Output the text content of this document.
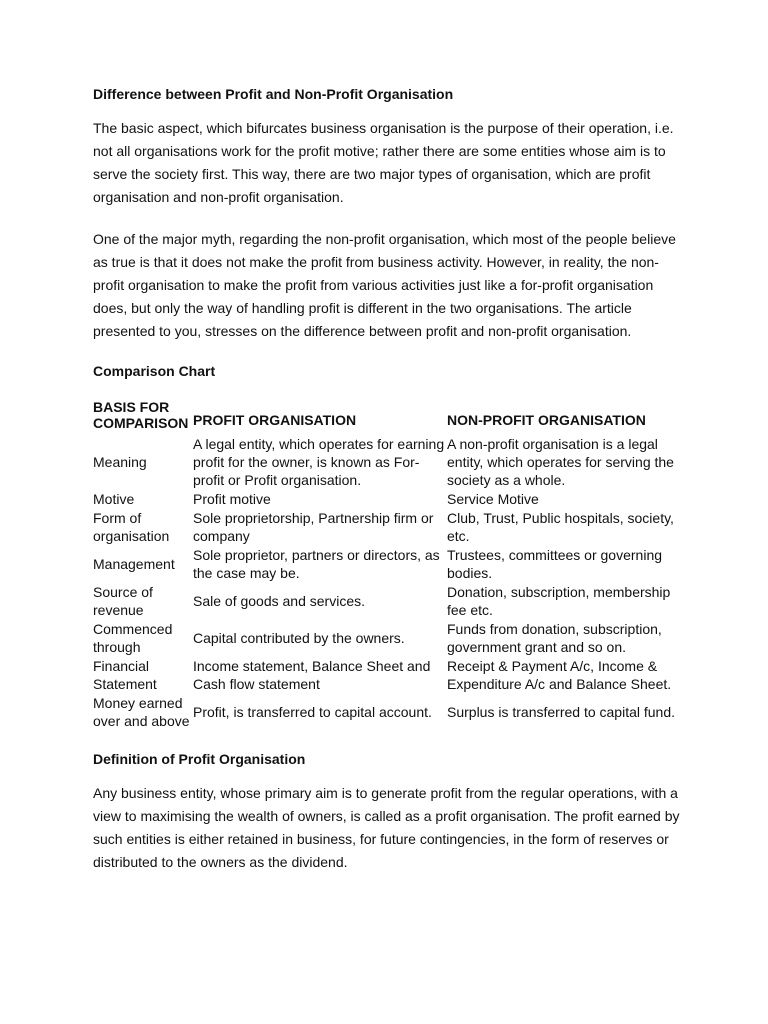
Difference between Profit and Non-Profit Organisation

The basic aspect, which bifurcates business organisation is the purpose of their operation, i.e. not all organisations work for the profit motive; rather there are some entities whose aim is to serve the society first. This way, there are two major types of organisation, which are profit organisation and non-profit organisation.

One of the major myth, regarding the non-profit organisation, which most of the people believe as true is that it does not make the profit from business activity. However, in reality, the non-profit organisation to make the profit from various activities just like a for-profit organisation does, but only the way of handling profit is different in the two organisations. The article presented to you, stresses on the difference between profit and non-profit organisation.

Comparison Chart

BASIS FOR COMPARISON	PROFIT ORGANISATION	NON-PROFIT ORGANISATION
Meaning	A legal entity, which operates for earning profit for the owner, is known as For-profit or Profit organisation.	A non-profit organisation is a legal entity, which operates for serving the society as a whole.
Motive	Profit motive	Service Motive
Form of organisation	Sole proprietorship, Partnership firm or company	Club, Trust, Public hospitals, society, etc.
Management	Sole proprietor, partners or directors, as the case may be.	Trustees, committees or governing bodies.
Source of revenue	Sale of goods and services.	Donation, subscription, membership fee etc.
Commenced through	Capital contributed by the owners.	Funds from donation, subscription, government grant and so on.
Financial Statement	Income statement, Balance Sheet and Cash flow statement	Receipt & Payment A/c, Income & Expenditure A/c and Balance Sheet.
Money earned over and above	Profit, is transferred to capital account.	Surplus is transferred to capital fund.

Definition of Profit Organisation

Any business entity, whose primary aim is to generate profit from the regular operations, with a view to maximising the wealth of owners, is called as a profit organisation. The profit earned by such entities is either retained in business, for future contingencies, in the form of reserves or distributed to the owners as the dividend.
